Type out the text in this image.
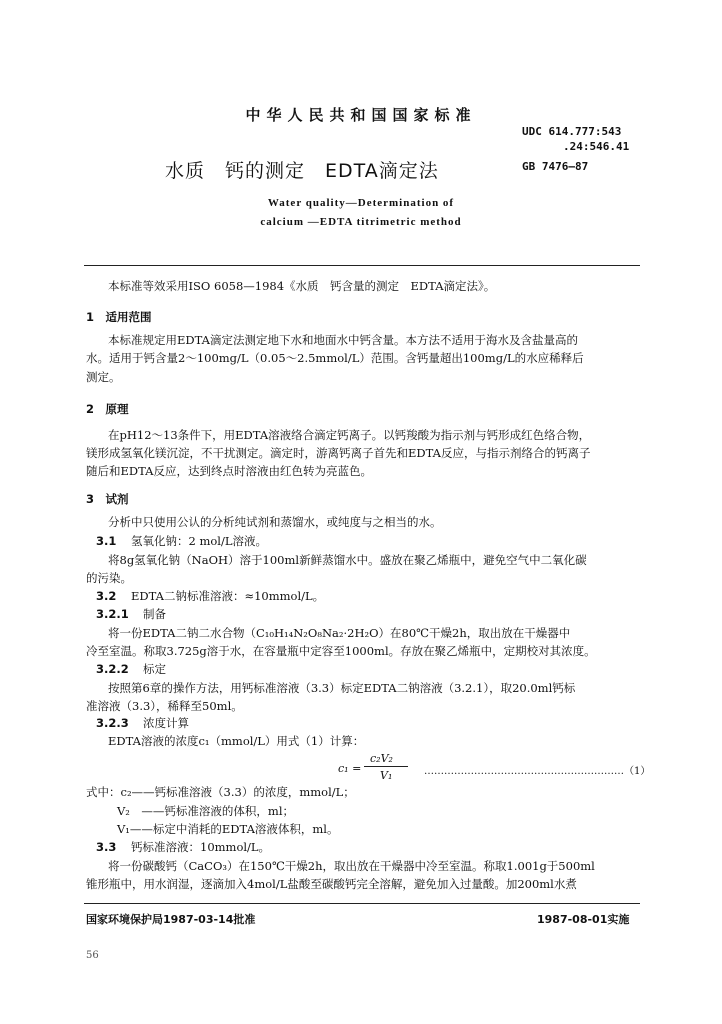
中华人民共和国国家标准
UDC 614.777:543
.24:546.41
水质　钙的测定　EDTA滴定法	GB 7476—87
Water quality—Determination of
calcium —EDTA titrimetric method
本标准等效采用ISO 6058—1984《水质　钙含量的测定　EDTA滴定法》。
1　适用范围
本标准规定用EDTA滴定法测定地下水和地面水中钙含量。本方法不适用于海水及含盐量高的
水。适用于钙含量2～100mg/L（0.05～2.5mmol/L）范围。含钙量超出100mg/L的水应稀释后
测定。
2　原理
在pH12～13条件下，用EDTA溶液络合滴定钙离子。以钙羧酸为指示剂与钙形成红色络合物，
镁形成氢氧化镁沉淀，不干扰测定。滴定时，游离钙离子首先和EDTA反应，与指示剂络合的钙离子
随后和EDTA反应，达到终点时溶液由红色转为亮蓝色。
3　试剂
分析中只使用公认的分析纯试剂和蒸馏水，或纯度与之相当的水。
3.1 氢氧化钠：2 mol/L溶液。
将8g氢氧化钠（NaOH）溶于100ml新鲜蒸馏水中。盛放在聚乙烯瓶中，避免空气中二氧化碳
的污染。
3.2 EDTA二钠标准溶液：≈10mmol/L。
3.2.1 制备
将一份EDTA二钠二水合物（C₁₀H₁₄N₂O₈Na₂·2H₂O）在80℃干燥2h，取出放在干燥器中
冷至室温。称取3.725g溶于水，在容量瓶中定容至1000ml。存放在聚乙烯瓶中，定期校对其浓度。
3.2.2 标定
按照第6章的操作方法，用钙标准溶液（3.3）标定EDTA二钠溶液（3.2.1），取20.0ml钙标
准溶液（3.3），稀释至50ml。
3.2.3 浓度计算
EDTA溶液的浓度c₁（mmol/L）用式（1）计算：
c₁ =
c₂V₂
V₁	……………………………………………………（1）
式中：c₂——钙标准溶液（3.3）的浓度，mmol/L；
V₂　——钙标准溶液的体积，ml；
V₁——标定中消耗的EDTA溶液体积，ml。
3.3 钙标准溶液：10mmol/L。
将一份碳酸钙（CaCO₃）在150℃干燥2h，取出放在干燥器中冷至室温。称取1.001g于500ml
锥形瓶中，用水润湿，逐滴加入4mol/L盐酸至碳酸钙完全溶解，避免加入过量酸。加200ml水煮
国家环境保护局1987-03-14批准	1987-08-01实施
56
